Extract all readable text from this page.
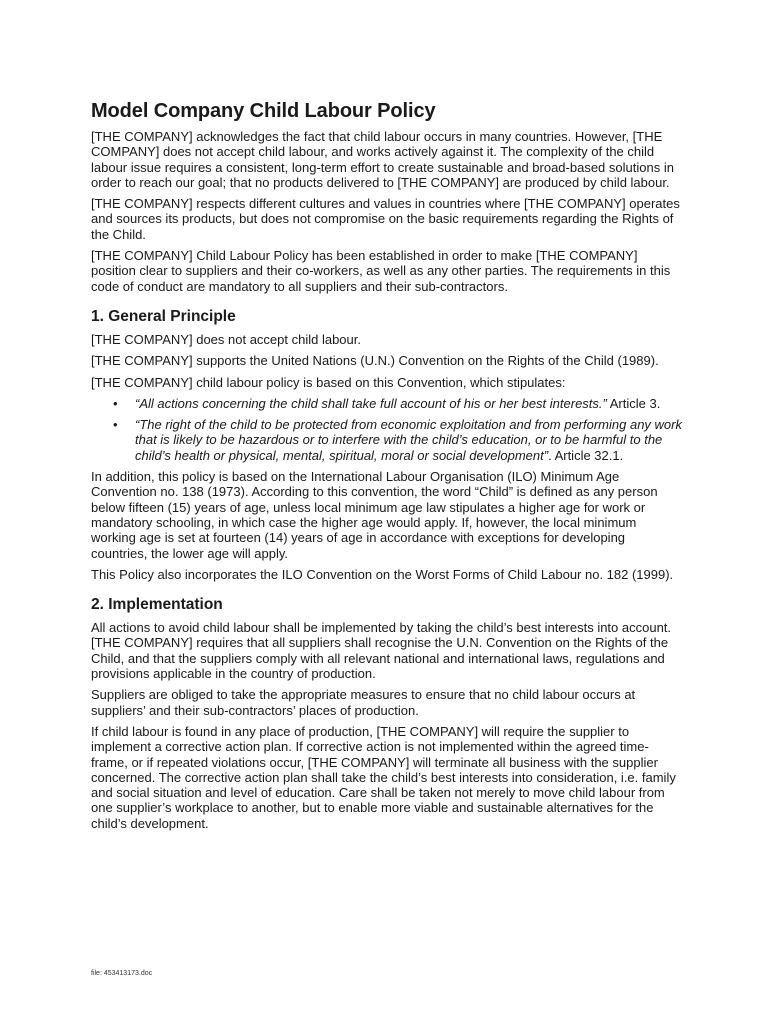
Model Company Child Labour Policy

[THE COMPANY] acknowledges the fact that child labour occurs in many countries. However, [THE COMPANY] does not accept child labour, and works actively against it. The complexity of the child labour issue requires a consistent, long-term effort to create sustainable and broad-based solutions in order to reach our goal; that no products delivered to [THE COMPANY] are produced by child labour.

[THE COMPANY] respects different cultures and values in countries where [THE COMPANY] operates and sources its products, but does not compromise on the basic requirements regarding the Rights of the Child.

[THE COMPANY] Child Labour Policy has been established in order to make [THE COMPANY] position clear to suppliers and their co-workers, as well as any other parties. The requirements in this code of conduct are mandatory to all suppliers and their sub-contractors.

1. General Principle

[THE COMPANY] does not accept child labour.

[THE COMPANY] supports the United Nations (U.N.) Convention on the Rights of the Child (1989).

[THE COMPANY] child labour policy is based on this Convention, which stipulates:

• “All actions concerning the child shall take full account of his or her best interests.” Article 3.
• “The right of the child to be protected from economic exploitation and from performing any work that is likely to be hazardous or to interfere with the child’s education, or to be harmful to the child’s health or physical, mental, spiritual, moral or social development”. Article 32.1.

In addition, this policy is based on the International Labour Organisation (ILO) Minimum Age Convention no. 138 (1973). According to this convention, the word “Child” is defined as any person below fifteen (15) years of age, unless local minimum age law stipulates a higher age for work or mandatory schooling, in which case the higher age would apply. If, however, the local minimum working age is set at fourteen (14) years of age in accordance with exceptions for developing countries, the lower age will apply.

This Policy also incorporates the ILO Convention on the Worst Forms of Child Labour no. 182 (1999).

2. Implementation

All actions to avoid child labour shall be implemented by taking the child’s best interests into account. [THE COMPANY] requires that all suppliers shall recognise the U.N. Convention on the Rights of the Child, and that the suppliers comply with all relevant national and international laws, regulations and provisions applicable in the country of production.

Suppliers are obliged to take the appropriate measures to ensure that no child labour occurs at suppliers’ and their sub-contractors’ places of production.

If child labour is found in any place of production, [THE COMPANY] will require the supplier to implement a corrective action plan. If corrective action is not implemented within the agreed time-frame, or if repeated violations occur, [THE COMPANY] will terminate all business with the supplier concerned. The corrective action plan shall take the child’s best interests into consideration, i.e. family and social situation and level of education. Care shall be taken not merely to move child labour from one supplier’s workplace to another, but to enable more viable and sustainable alternatives for the child’s development.

file: 453413173.doc
